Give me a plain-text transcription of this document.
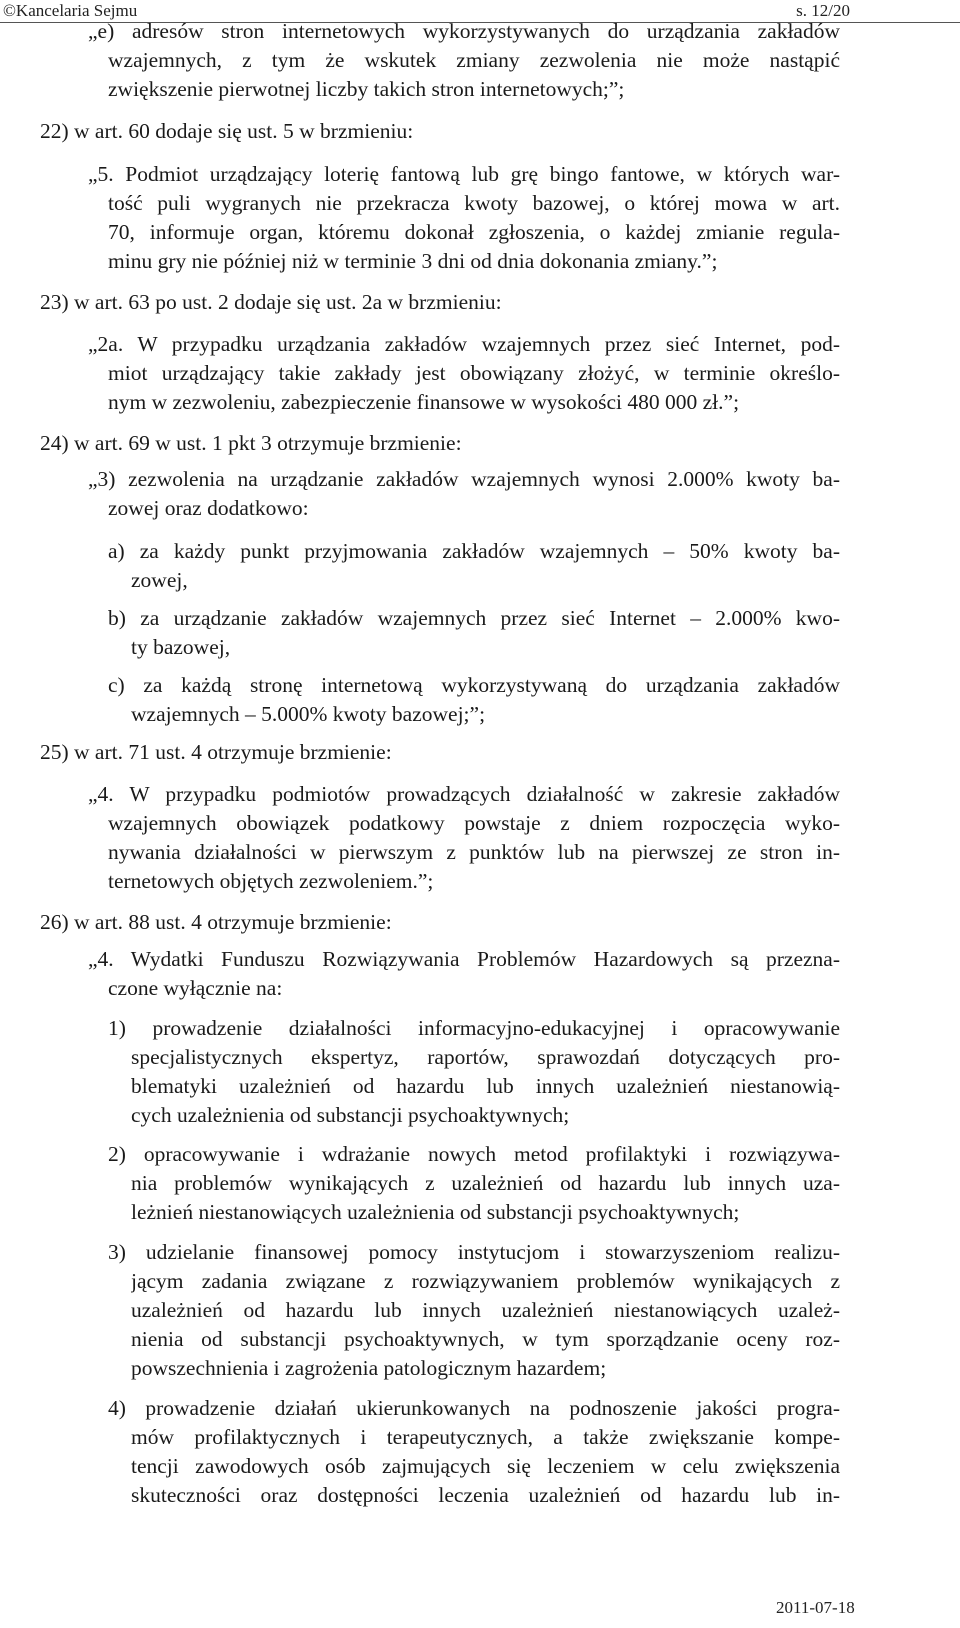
©Kancelaria Sejmu	s. 12/20
„e) adresów stron internetowych wykorzystywanych do urządzania zakładów
wzajemnych, z tym że wskutek zmiany zezwolenia nie może nastąpić
zwiększenie pierwotnej liczby takich stron internetowych;”;
22) w art. 60 dodaje się ust. 5 w brzmieniu:
„5. Podmiot urządzający loterię fantową lub grę bingo fantowe, w których war-
tość puli wygranych nie przekracza kwoty bazowej, o której mowa w art.
70, informuje organ, któremu dokonał zgłoszenia, o każdej zmianie regula-
minu gry nie później niż w terminie 3 dni od dnia dokonania zmiany.”;
23) w art. 63 po ust. 2 dodaje się ust. 2a w brzmieniu:
„2a. W przypadku urządzania zakładów wzajemnych przez sieć Internet, pod-
miot urządzający takie zakłady jest obowiązany złożyć, w terminie określo-
nym w zezwoleniu, zabezpieczenie finansowe w wysokości 480 000 zł.”;
24) w art. 69 w ust. 1 pkt 3 otrzymuje brzmienie:
„3) zezwolenia na urządzanie zakładów wzajemnych wynosi 2.000% kwoty ba-
zowej oraz dodatkowo:
a) za każdy punkt przyjmowania zakładów wzajemnych – 50% kwoty ba-
zowej,
b) za urządzanie zakładów wzajemnych przez sieć Internet – 2.000% kwo-
ty bazowej,
c) za każdą stronę internetową wykorzystywaną do urządzania zakładów
wzajemnych – 5.000% kwoty bazowej;”;
25) w art. 71 ust. 4 otrzymuje brzmienie:
„4. W przypadku podmiotów prowadzących działalność w zakresie zakładów
wzajemnych obowiązek podatkowy powstaje z dniem rozpoczęcia wyko-
nywania działalności w pierwszym z punktów lub na pierwszej ze stron in-
ternetowych objętych zezwoleniem.”;
26) w art. 88 ust. 4 otrzymuje brzmienie:
„4. Wydatki Funduszu Rozwiązywania Problemów Hazardowych są przezna-
czone wyłącznie na:
1) prowadzenie działalności informacyjno-edukacyjnej i opracowywanie
specjalistycznych ekspertyz, raportów, sprawozdań dotyczących pro-
blematyki uzależnień od hazardu lub innych uzależnień niestanowią-
cych uzależnienia od substancji psychoaktywnych;
2) opracowywanie i wdrażanie nowych metod profilaktyki i rozwiązywa-
nia problemów wynikających z uzależnień od hazardu lub innych uza-
leżnień niestanowiących uzależnienia od substancji psychoaktywnych;
3) udzielanie finansowej pomocy instytucjom i stowarzyszeniom realizu-
jącym zadania związane z rozwiązywaniem problemów wynikających z
uzależnień od hazardu lub innych uzależnień niestanowiących uzależ-
nienia od substancji psychoaktywnych, w tym sporządzanie oceny roz-
powszechnienia i zagrożenia patologicznym hazardem;
4) prowadzenie działań ukierunkowanych na podnoszenie jakości progra-
mów profilaktycznych i terapeutycznych, a także zwiększanie kompe-
tencji zawodowych osób zajmujących się leczeniem w celu zwiększenia
skuteczności oraz dostępności leczenia uzależnień od hazardu lub in-
2011-07-18
